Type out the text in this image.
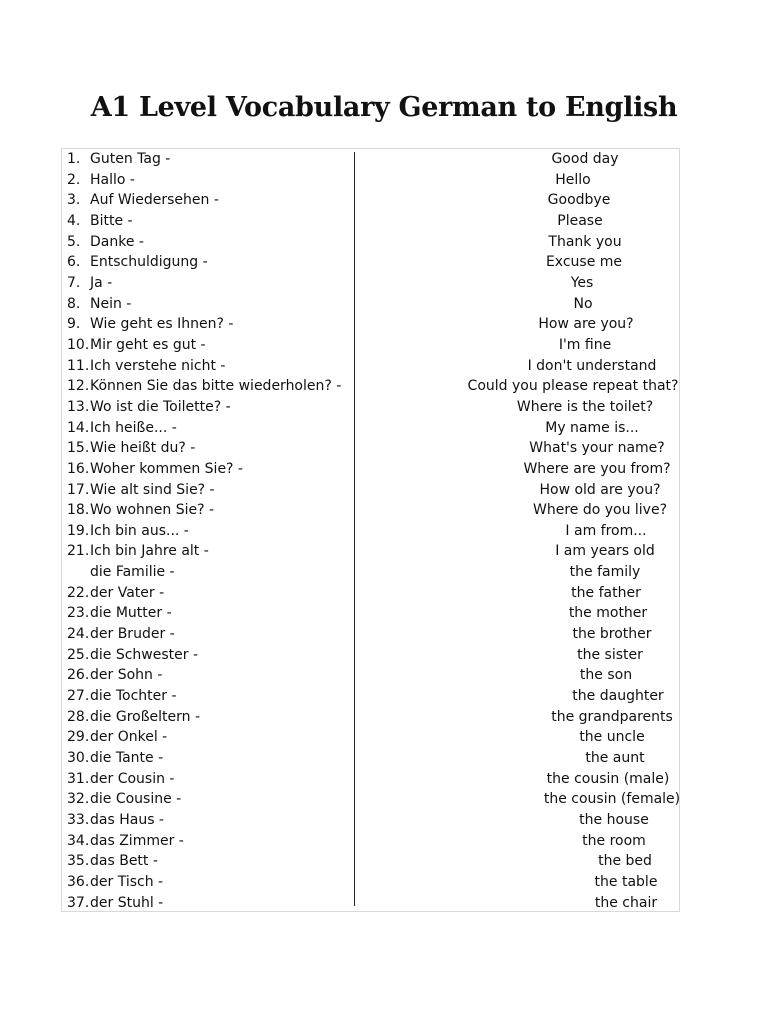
A1 Level Vocabulary German to English
1. Guten Tag -	Good day
2. Hallo -	Hello
3. Auf Wiedersehen -	Goodbye
4. Bitte -	Please
5. Danke -	Thank you
6. Entschuldigung -	Excuse me
7. Ja -	Yes
8. Nein -	No
9. Wie geht es Ihnen? -	How are you?
10. Mir geht es gut -	I'm fine
11. Ich verstehe nicht -	I don't understand
12. Können Sie das bitte wiederholen? -	Could you please repeat that?
13. Wo ist die Toilette? -	Where is the toilet?
14. Ich heiße... -	My name is...
15. Wie heißt du? -	What's your name?
16. Woher kommen Sie? -	Where are you from?
17. Wie alt sind Sie? -	How old are you?
18. Wo wohnen Sie? -	Where do you live?
19. Ich bin aus... -	I am from...
21. Ich bin Jahre alt -	I am years old
die Familie -	the family
22. der Vater -	the father
23. die Mutter -	the mother
24. der Bruder -	the brother
25. die Schwester -	the sister
26. der Sohn -	the son
27. die Tochter -	the daughter
28. die Großeltern -	the grandparents
29. der Onkel -	the uncle
30. die Tante -	the aunt
31. der Cousin -	the cousin (male)
32. die Cousine -	the cousin (female)
33. das Haus -	the house
34. das Zimmer -	the room
35. das Bett -	the bed
36. der Tisch -	the table
37. der Stuhl -	the chair
